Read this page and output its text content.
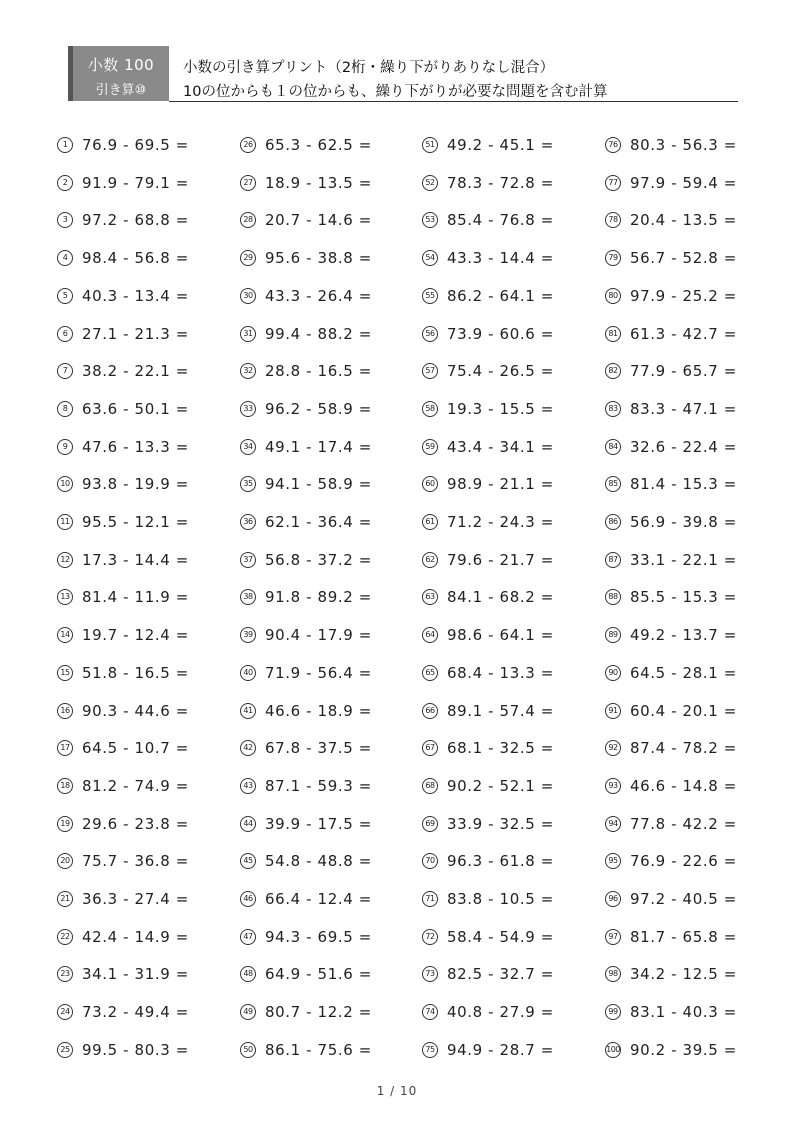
小数 100
引き算⑩
小数の引き算プリント（2桁・繰り下がりありなし混合）
10の位からも１の位からも、繰り下がりが必要な問題を含む計算
1 76.9 - 69.5 =
2 91.9 - 79.1 =
3 97.2 - 68.8 =
4 98.4 - 56.8 =
5 40.3 - 13.4 =
6 27.1 - 21.3 =
7 38.2 - 22.1 =
8 63.6 - 50.1 =
9 47.6 - 13.3 =
10 93.8 - 19.9 =
11 95.5 - 12.1 =
12 17.3 - 14.4 =
13 81.4 - 11.9 =
14 19.7 - 12.4 =
15 51.8 - 16.5 =
16 90.3 - 44.6 =
17 64.5 - 10.7 =
18 81.2 - 74.9 =
19 29.6 - 23.8 =
20 75.7 - 36.8 =
21 36.3 - 27.4 =
22 42.4 - 14.9 =
23 34.1 - 31.9 =
24 73.2 - 49.4 =
25 99.5 - 80.3 =
26 65.3 - 62.5 =
27 18.9 - 13.5 =
28 20.7 - 14.6 =
29 95.6 - 38.8 =
30 43.3 - 26.4 =
31 99.4 - 88.2 =
32 28.8 - 16.5 =
33 96.2 - 58.9 =
34 49.1 - 17.4 =
35 94.1 - 58.9 =
36 62.1 - 36.4 =
37 56.8 - 37.2 =
38 91.8 - 89.2 =
39 90.4 - 17.9 =
40 71.9 - 56.4 =
41 46.6 - 18.9 =
42 67.8 - 37.5 =
43 87.1 - 59.3 =
44 39.9 - 17.5 =
45 54.8 - 48.8 =
46 66.4 - 12.4 =
47 94.3 - 69.5 =
48 64.9 - 51.6 =
49 80.7 - 12.2 =
50 86.1 - 75.6 =
51 49.2 - 45.1 =
52 78.3 - 72.8 =
53 85.4 - 76.8 =
54 43.3 - 14.4 =
55 86.2 - 64.1 =
56 73.9 - 60.6 =
57 75.4 - 26.5 =
58 19.3 - 15.5 =
59 43.4 - 34.1 =
60 98.9 - 21.1 =
61 71.2 - 24.3 =
62 79.6 - 21.7 =
63 84.1 - 68.2 =
64 98.6 - 64.1 =
65 68.4 - 13.3 =
66 89.1 - 57.4 =
67 68.1 - 32.5 =
68 90.2 - 52.1 =
69 33.9 - 32.5 =
70 96.3 - 61.8 =
71 83.8 - 10.5 =
72 58.4 - 54.9 =
73 82.5 - 32.7 =
74 40.8 - 27.9 =
75 94.9 - 28.7 =
76 80.3 - 56.3 =
77 97.9 - 59.4 =
78 20.4 - 13.5 =
79 56.7 - 52.8 =
80 97.9 - 25.2 =
81 61.3 - 42.7 =
82 77.9 - 65.7 =
83 83.3 - 47.1 =
84 32.6 - 22.4 =
85 81.4 - 15.3 =
86 56.9 - 39.8 =
87 33.1 - 22.1 =
88 85.5 - 15.3 =
89 49.2 - 13.7 =
90 64.5 - 28.1 =
91 60.4 - 20.1 =
92 87.4 - 78.2 =
93 46.6 - 14.8 =
94 77.8 - 42.2 =
95 76.9 - 22.6 =
96 97.2 - 40.5 =
97 81.7 - 65.8 =
98 34.2 - 12.5 =
99 83.1 - 40.3 =
100 90.2 - 39.5 =
1 / 10
